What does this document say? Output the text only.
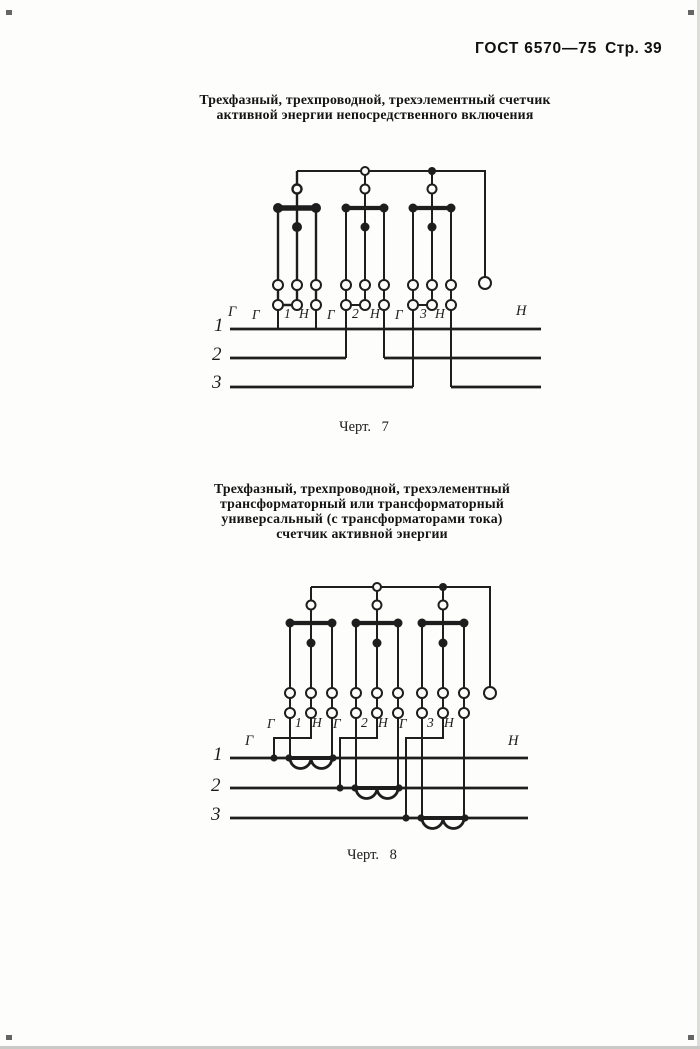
ГОСТ 6570—75 Стр. 39
Трехфазный, трехпроводной, трехэлементный счетчик
активной энергии непосредственного включения
Трехфазный, трехпроводной, трехэлементный
трансформаторный или трансформаторный
универсальный (с трансформаторами тока)
счетчик активной энергии
Черт. 7
Черт. 8
1
2
3
Г	Н
Г 1 Н Г 2 Н Г 3 Н
1
2
3
Г	Н
Г 1 Н Г 2 Н Г 3 Н
